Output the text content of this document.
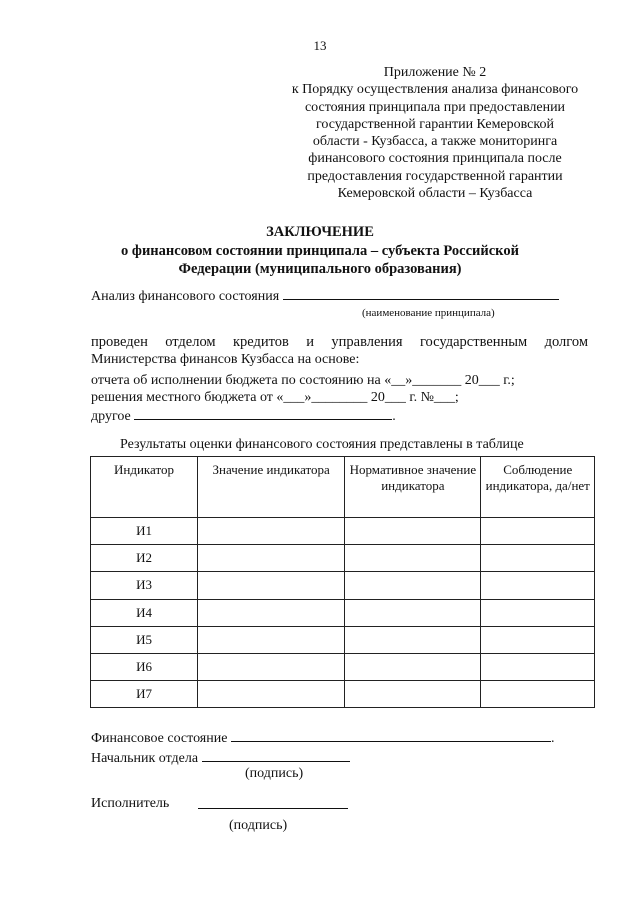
13
Приложение № 2
к Порядку осуществления анализа финансового
состояния принципала при предоставлении
государственной гарантии Кемеровской
области - Кузбасса, а также мониторинга
финансового состояния принципала после
предоставления государственной гарантии
Кемеровской области – Кузбасса
ЗАКЛЮЧЕНИЕ
о финансовом состоянии принципала – субъекта Российской
Федерации (муниципального образования)
Анализ финансового состояния
(наименование принципала)
проведен отделом кредитов и управления государственным долгом
Министерства финансов Кузбасса на основе:
отчета об исполнении бюджета по состоянию на «__»_______ 20___ г.;
решения местного бюджета от «___»________ 20___ г. №___;
другое	.
Результаты оценки финансового состояния представлены в таблице
Индикатор	Значение индикатора	Нормативное значение индикатора	Соблюдение индикатора, да/нет
И1			
И2			
И3			
И4			
И5			
И6			
И7			
Финансовое состояние	.
Начальник отдела
(подпись)
Исполнитель
(подпись)
